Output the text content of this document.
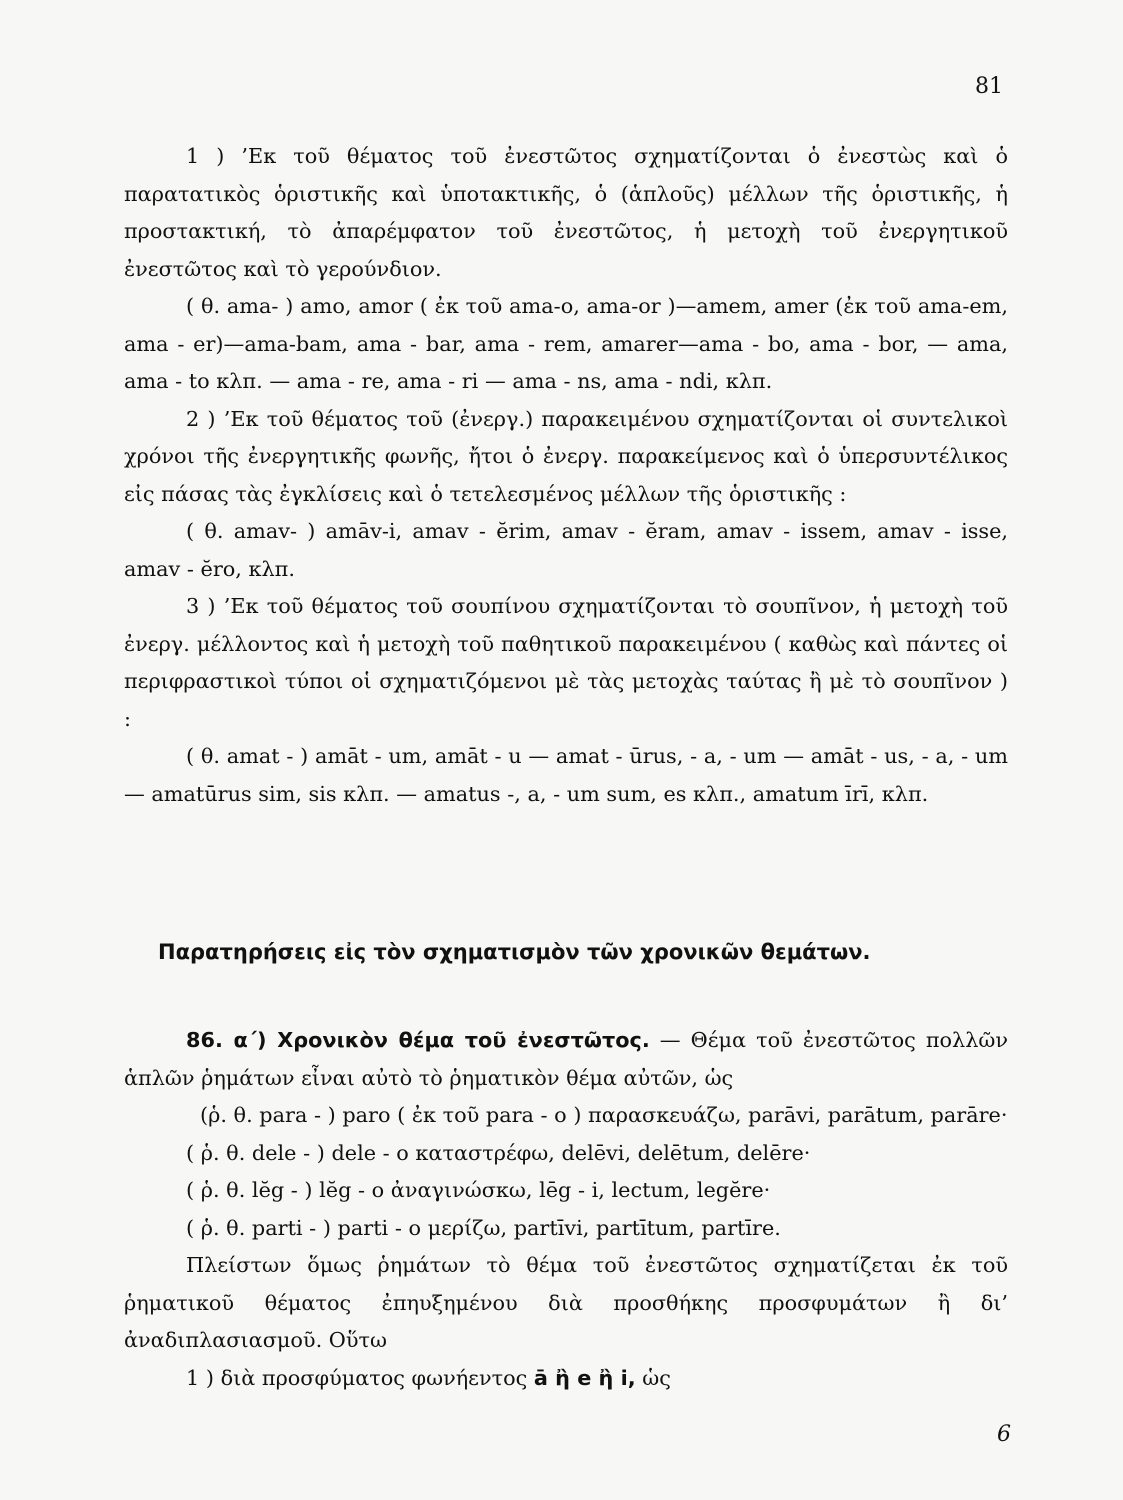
81

1 ) ’Εκ τοῦ θέματος τοῦ ἐνεστῶτος σχηματίζονται ὁ ἐνεστὼς καὶ ὁ παρατατικὸς ὁριστικῆς καὶ ὑποτακτικῆς, ὁ (ἁπλοῦς) μέλλων τῆς ὁριστικῆς, ἡ προστακτική, τὸ ἀπαρέμφατον τοῦ ἐνεστῶτος, ἡ μετοχὴ τοῦ ἐνεργητικοῦ ἐνεστῶτος καὶ τὸ γερούνδιον.

( θ. ama- ) amo, amor ( ἐκ τοῦ ama-o, ama-or )—amem, amer (ἐκ τοῦ ama-em, ama - er)—ama-bam, ama - bar, ama - rem, amarer—ama - bo, ama - bor, — ama, ama - to κλπ. — ama - re, ama - ri — ama - ns, ama - ndi, κλπ.

2 ) ’Εκ τοῦ θέματος τοῦ (ἐνεργ.) παρακειμένου σχηματίζονται οἱ συντελικοὶ χρόνοι τῆς ἐνεργητικῆς φωνῆς, ἤτοι ὁ ἐνεργ. παρακείμενος καὶ ὁ ὑπερσυντέλικος εἰς πάσας τὰς ἐγκλίσεις καὶ ὁ τετελεσμένος μέλλων τῆς ὁριστικῆς :

( θ. amav- ) amāv-i, amav - ĕrim, amav - ĕram, amav - issem, amav - isse, amav - ĕro, κλπ.

3 ) ’Εκ τοῦ θέματος τοῦ σουπίνου σχηματίζονται τὸ σουπῖνον, ἡ μετοχὴ τοῦ ἐνεργ. μέλλοντος καὶ ἡ μετοχὴ τοῦ παθητικοῦ παρακειμένου ( καθὼς καὶ πάντες οἱ περιφραστικοὶ τύποι οἱ σχηματιζόμενοι μὲ τὰς μετοχὰς ταύτας ἢ μὲ τὸ σουπῖνον ) :

( θ. amat - ) amāt - um, amāt - u — amat - ūrus, - a, - um — amāt - us, - a, - um — amatūrus sim, sis κλπ. — amatus -, a, - um sum, es κλπ., amatum īrī, κλπ.

Παρατηρήσεις εἰς τὸν σχηματισμὸν τῶν χρονικῶν θεμάτων.

86. α΄) Χρονικὸν θέμα τοῦ ἐνεστῶτος. — Θέμα τοῦ ἐνεστῶτος πολλῶν ἁπλῶν ῥημάτων εἶναι αὐτὸ τὸ ῥηματικὸν θέμα αὐτῶν, ὡς

(ῥ. θ. para - ) paro ( ἐκ τοῦ para - o ) παρασκευάζω, parāvi, parātum, parāre·

( ῥ. θ. dele - ) dele - o καταστρέφω, delēvi, delētum, delēre·

( ῥ. θ. lĕg - ) lĕg - o ἀναγινώσκω, lēg - i, lectum, legĕre·

( ῥ. θ. parti - ) parti - o μερίζω, partīvi, partītum, partīre.

Πλείστων ὅμως ῥημάτων τὸ θέμα τοῦ ἐνεστῶτος σχηματίζεται ἐκ τοῦ ῥηματικοῦ θέματος ἐπηυξημένου διὰ προσθήκης προσφυμάτων ἢ δι’ ἀναδιπλασιασμοῦ. Οὕτω

1 ) διὰ προσφύματος φωνήεντος ā ἢ e ἢ i, ὡς

6
